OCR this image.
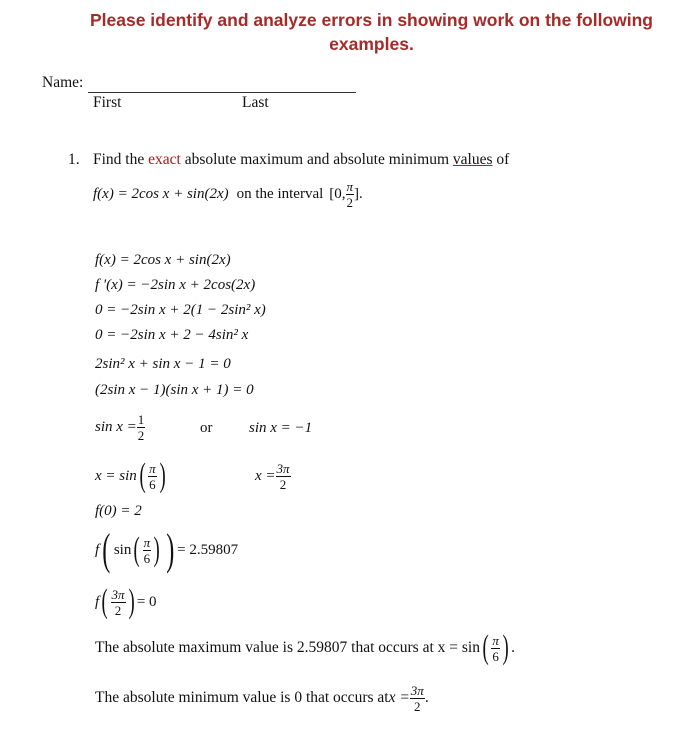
Please identify and analyze errors in showing work on the following
examples.
Name:
First	Last
1. Find the exact absolute maximum and absolute minimum values of
f(x) = 2cos x + sin(2x) on the interval [0, $\frac{\pi}{2}$ ].
f(x) = 2cos x + sin(2x)
f '(x) = −2sin x + 2cos(2x)
0 = −2sin x + 2(1 − 2sin² x)
0 = −2sin x + 2 − 4sin² x
2sin² x + sin x − 1 = 0
(2sin x − 1)(sin x + 1) = 0
$\sin x = \frac{1}{2}$	or sin x = −1
x = sin ( $\frac{\pi}{6}$ )	$x = \frac{3\pi}{2}$
f(0) = 2
f ( sin ( $\frac{\pi}{6}$ ) ) = 2.59807
f ( $\frac{3\pi}{2}$ ) = 0
The absolute maximum value is 2.59807 that occurs at x = sin ( $\frac{\pi}{6}$ ) .
The absolute minimum value is 0 that occurs at $x = \frac{3\pi}{2}$ .
